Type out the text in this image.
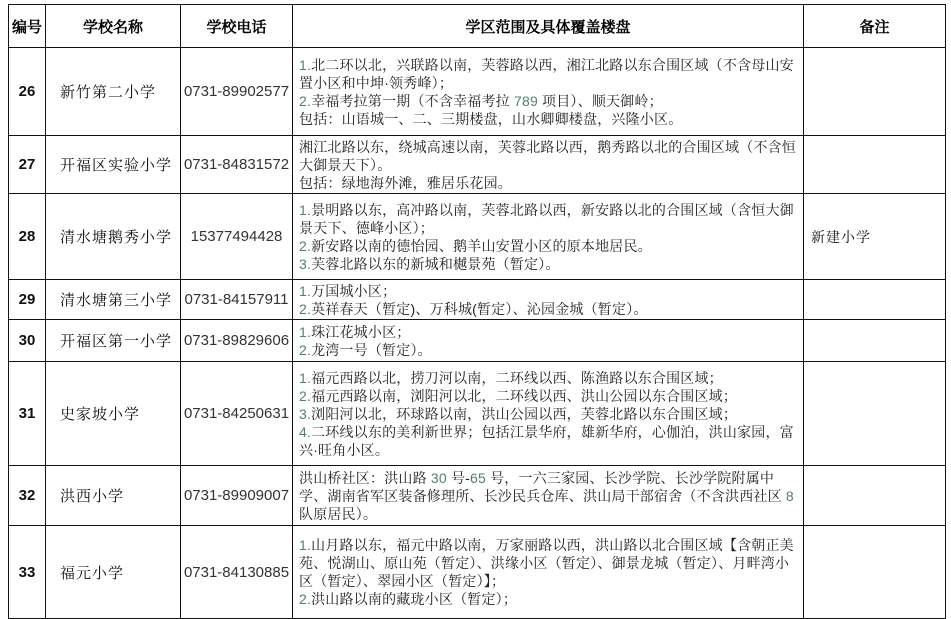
编号	学校名称	学校电话	学区范围及具体覆盖楼盘	备注
26	新竹第二小学	0731-89902577	1.北二环以北，兴联路以南，芙蓉路以西，湘江北路以东合围区域（不含母山安置小区和中坤·领秀峰）；
2.幸福考拉第一期（不含幸福考拉 789 项目）、顺天御岭；
包括：山语城一、二、三期楼盘，山水卿卿楼盘，兴隆小区。	

27	开福区实验小学	0731-84831572	湘江北路以东，绕城高速以南，芙蓉北路以西，鹅秀路以北的合围区域（不含恒大御景天下）。
包括：绿地海外滩，雅居乐花园。	

28	清水塘鹅秀小学	15377494428	1.景明路以东，高冲路以南，芙蓉北路以西，新安路以北的合围区域（含恒大御景天下、德峰小区）；
2.新安路以南的德怡园、鹅羊山安置小区的原本地居民。
3.芙蓉北路以东的新城和樾景苑（暂定）。	新建小学
29	清水塘第三小学	0731-84157911	1.万国城小区；
2.英祥春天（暂定)、万科城(暂定）、沁园金城（暂定）。	

30	开福区第一小学	0731-89829606	1.珠江花城小区；
2.龙湾一号（暂定）。	

31	史家坡小学	0731-84250631	1.福元西路以北，捞刀河以南，二环线以西、陈渔路以东合围区域；
2.福元西路以南，浏阳河以北，二环线以西、洪山公园以东合围区域；
3.浏阳河以北，环球路以南，洪山公园以西，芙蓉北路以东合围区域；
4.二环线以东的美利新世界；包括江景华府，雄新华府，心伽泊，洪山家园，富兴·旺角小区。	

32	洪西小学	0731-89909007	洪山桥社区：洪山路 30 号-65 号，一六三家园、长沙学院、长沙学院附属中学、湖南省军区装备修理所、长沙民兵仓库、洪山局干部宿舍（不含洪西社区 8 队原居民）。	

33	福元小学	0731-84130885	1.山月路以东，福元中路以南，万家丽路以西，洪山路以北合围区域【含朝正美苑、悦湖山、原山苑（暂定）、洪缘小区（暂定）、御景龙城（暂定）、月畔湾小区（暂定）、翠园小区（暂定）】；
2.洪山路以南的藏珑小区（暂定）；	
